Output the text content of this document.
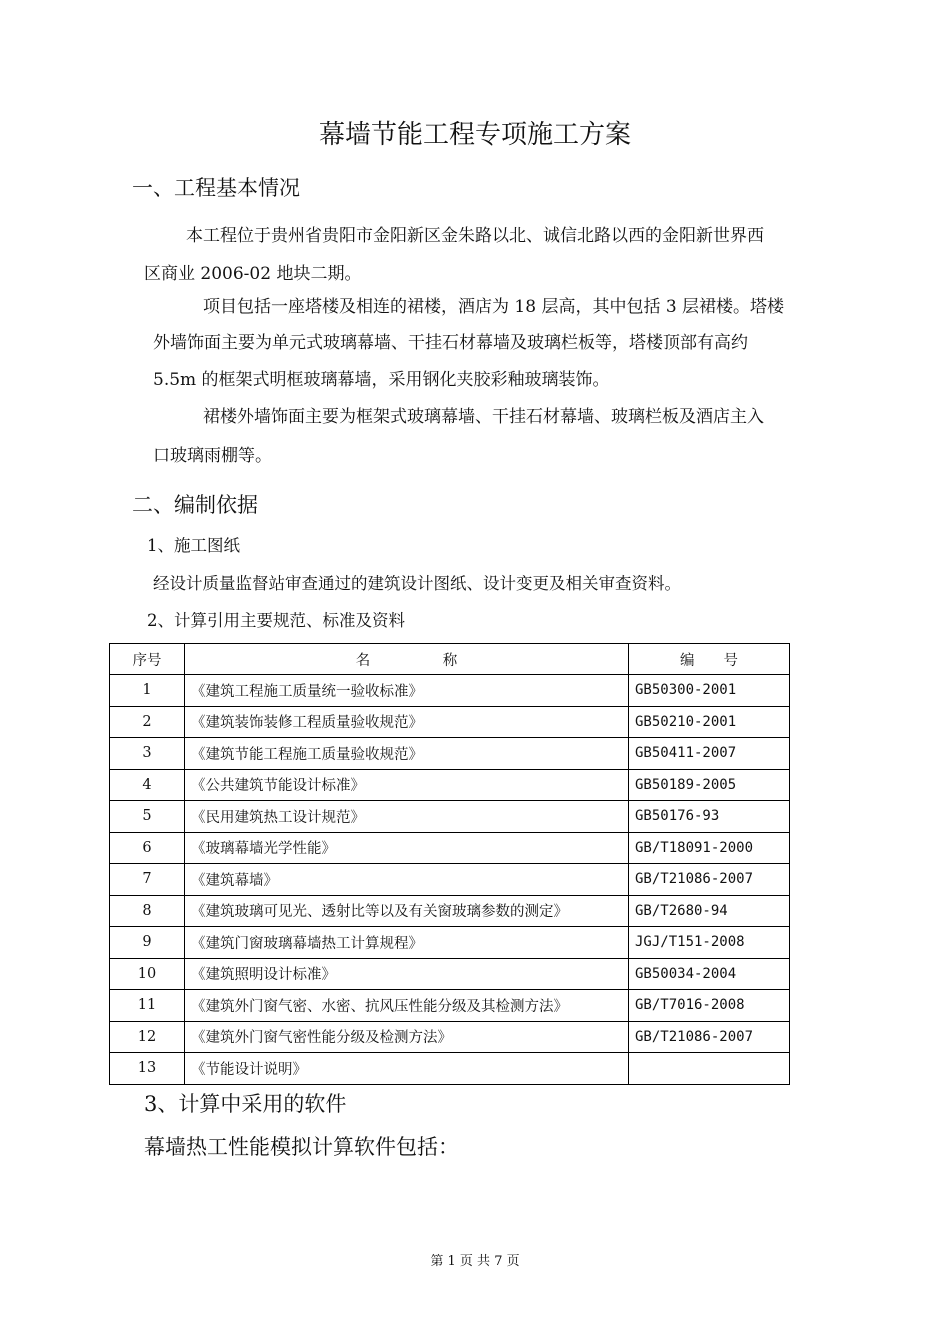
幕墙节能工程专项施工方案
一、工程基本情况
本工程位于贵州省贵阳市金阳新区金朱路以北、诚信北路以西的金阳新世界西
区商业 2006-02 地块二期。
项目包括一座塔楼及相连的裙楼，酒店为 18 层高，其中包括 3 层裙楼。塔楼
外墙饰面主要为单元式玻璃幕墙、干挂石材幕墙及玻璃栏板等，塔楼顶部有高约
5.5m 的框架式明框玻璃幕墙，采用钢化夹胶彩釉玻璃装饰。
裙楼外墙饰面主要为框架式玻璃幕墙、干挂石材幕墙、玻璃栏板及酒店主入
口玻璃雨棚等。
二、编制依据
1、施工图纸
经设计质量监督站审查通过的建筑设计图纸、设计变更及相关审查资料。
2、计算引用主要规范、标准及资料
序号	名　　　　　称	编　　号
1	《建筑工程施工质量统一验收标准》	GB50300-2001
2	《建筑装饰装修工程质量验收规范》	GB50210-2001
3	《建筑节能工程施工质量验收规范》	GB50411-2007
4	《公共建筑节能设计标准》	GB50189-2005
5	《民用建筑热工设计规范》	GB50176-93
6	《玻璃幕墙光学性能》	GB/T18091-2000
7	《建筑幕墙》	GB/T21086-2007
8	《建筑玻璃可见光、透射比等以及有关窗玻璃参数的测定》	GB/T2680-94
9	《建筑门窗玻璃幕墙热工计算规程》	JGJ/T151-2008
10	《建筑照明设计标准》	GB50034-2004
11	《建筑外门窗气密、水密、抗风压性能分级及其检测方法》	GB/T7016-2008
12	《建筑外门窗气密性能分级及检测方法》	GB/T21086-2007
13	《节能设计说明》	
3、计算中采用的软件
幕墙热工性能模拟计算软件包括：
第 1 页 共 7 页
